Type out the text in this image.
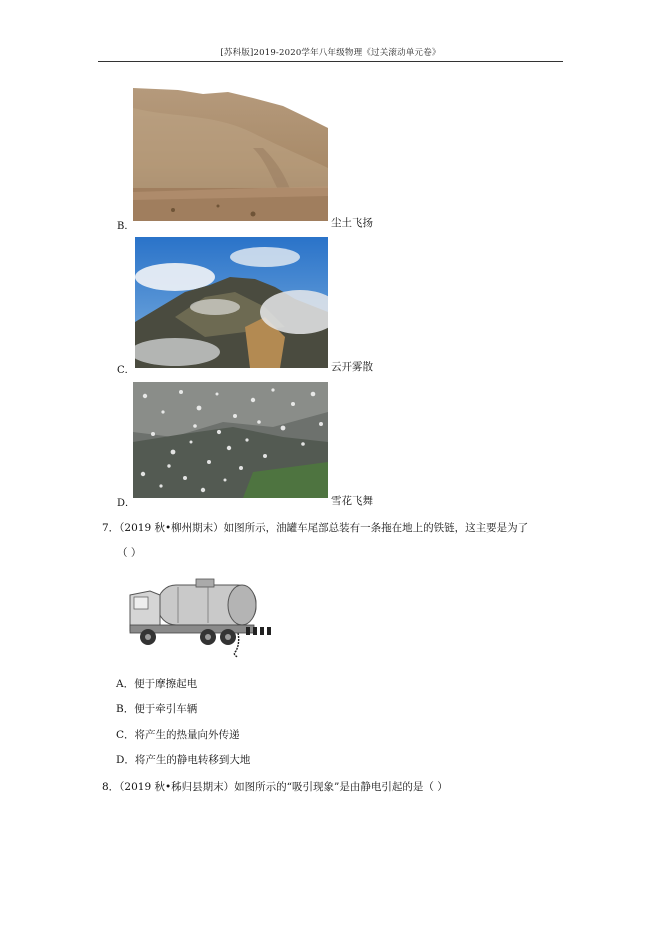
[苏科版]2019-2020学年八年级物理《过关滚动单元卷》
B．	尘土飞扬
C．	云开雾散
D．	雪花飞舞
7．（2019 秋•柳州期末）如图所示，油罐车尾部总装有一条拖在地上的铁链，这主要是为了
（ ）
A．便于摩擦起电
B．便于牵引车辆
C．将产生的热量向外传递
D．将产生的静电转移到大地
8．（2019 秋•秭归县期末）如图所示的“吸引现象”是由静电引起的是（ ）
